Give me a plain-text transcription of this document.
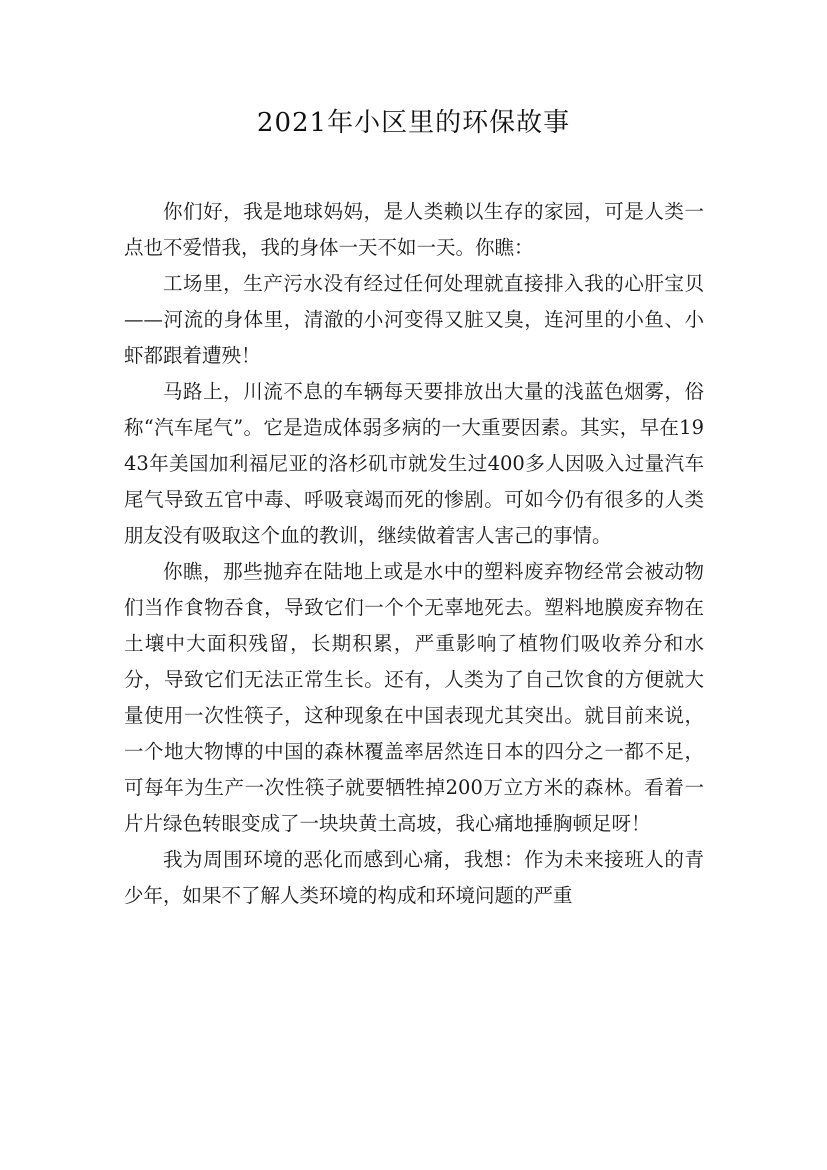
2021年小区里的环保故事

你们好，我是地球妈妈，是人类赖以生存的家园，可是人类一点也不爱惜我，我的身体一天不如一天。你瞧：

工场里，生产污水没有经过任何处理就直接排入我的心肝宝贝——河流的身体里，清澈的小河变得又脏又臭，连河里的小鱼、小虾都跟着遭殃！

马路上，川流不息的车辆每天要排放出大量的浅蓝色烟雾，俗称“汽车尾气”。它是造成体弱多病的一大重要因素。其实，早在1943年美国加利福尼亚的洛杉矶市就发生过400多人因吸入过量汽车尾气导致五官中毒、呼吸衰竭而死的惨剧。可如今仍有很多的人类朋友没有吸取这个血的教训，继续做着害人害己的事情。

你瞧，那些抛弃在陆地上或是水中的塑料废弃物经常会被动物们当作食物吞食，导致它们一个个无辜地死去。塑料地膜废弃物在土壤中大面积残留，长期积累，严重影响了植物们吸收养分和水分，导致它们无法正常生长。还有，人类为了自己饮食的方便就大量使用一次性筷子，这种现象在中国表现尤其突出。就目前来说，一个地大物博的中国的森林覆盖率居然连日本的四分之一都不足，可每年为生产一次性筷子就要牺牲掉200万立方米的森林。看着一片片绿色转眼变成了一块块黄土高坡，我心痛地捶胸顿足呀！

我为周围环境的恶化而感到心痛，我想：作为未来接班人的青少年，如果不了解人类环境的构成和环境问题的严重
